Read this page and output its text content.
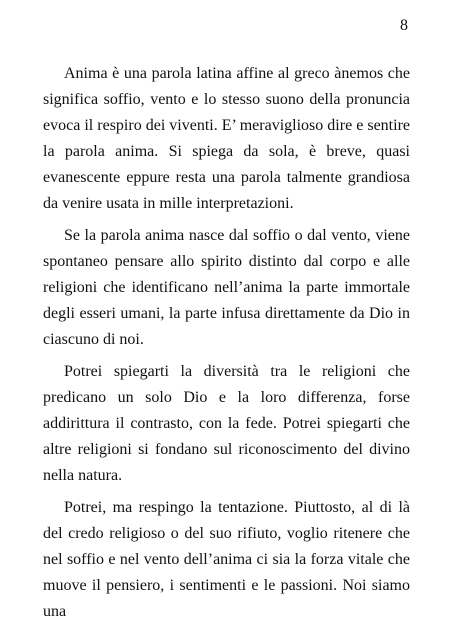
8

Anima è una parola latina affine al greco ànemos che significa soffio, vento e lo stesso suono della pronuncia evoca il respiro dei viventi. E’ meraviglioso dire e sentire la parola anima. Si spiega da sola, è breve, quasi evanescente eppure resta una parola talmente grandiosa da venire usata in mille interpretazioni.

Se la parola anima nasce dal soffio o dal vento, viene spontaneo pensare allo spirito distinto dal corpo e alle religioni che identificano nell’anima la parte immortale degli esseri umani, la parte infusa direttamente da Dio in ciascuno di noi.

Potrei spiegarti la diversità tra le religioni che predicano un solo Dio e la loro differenza, forse addirittura il contrasto, con la fede. Potrei spiegarti che altre religioni si fondano sul riconoscimento del divino nella natura.

Potrei, ma respingo la tentazione. Piuttosto, al di là del credo religioso o del suo rifiuto, voglio ritenere che nel soffio e nel vento dell’anima ci sia la forza vitale che muove il pensiero, i sentimenti e le passioni. Noi siamo una
